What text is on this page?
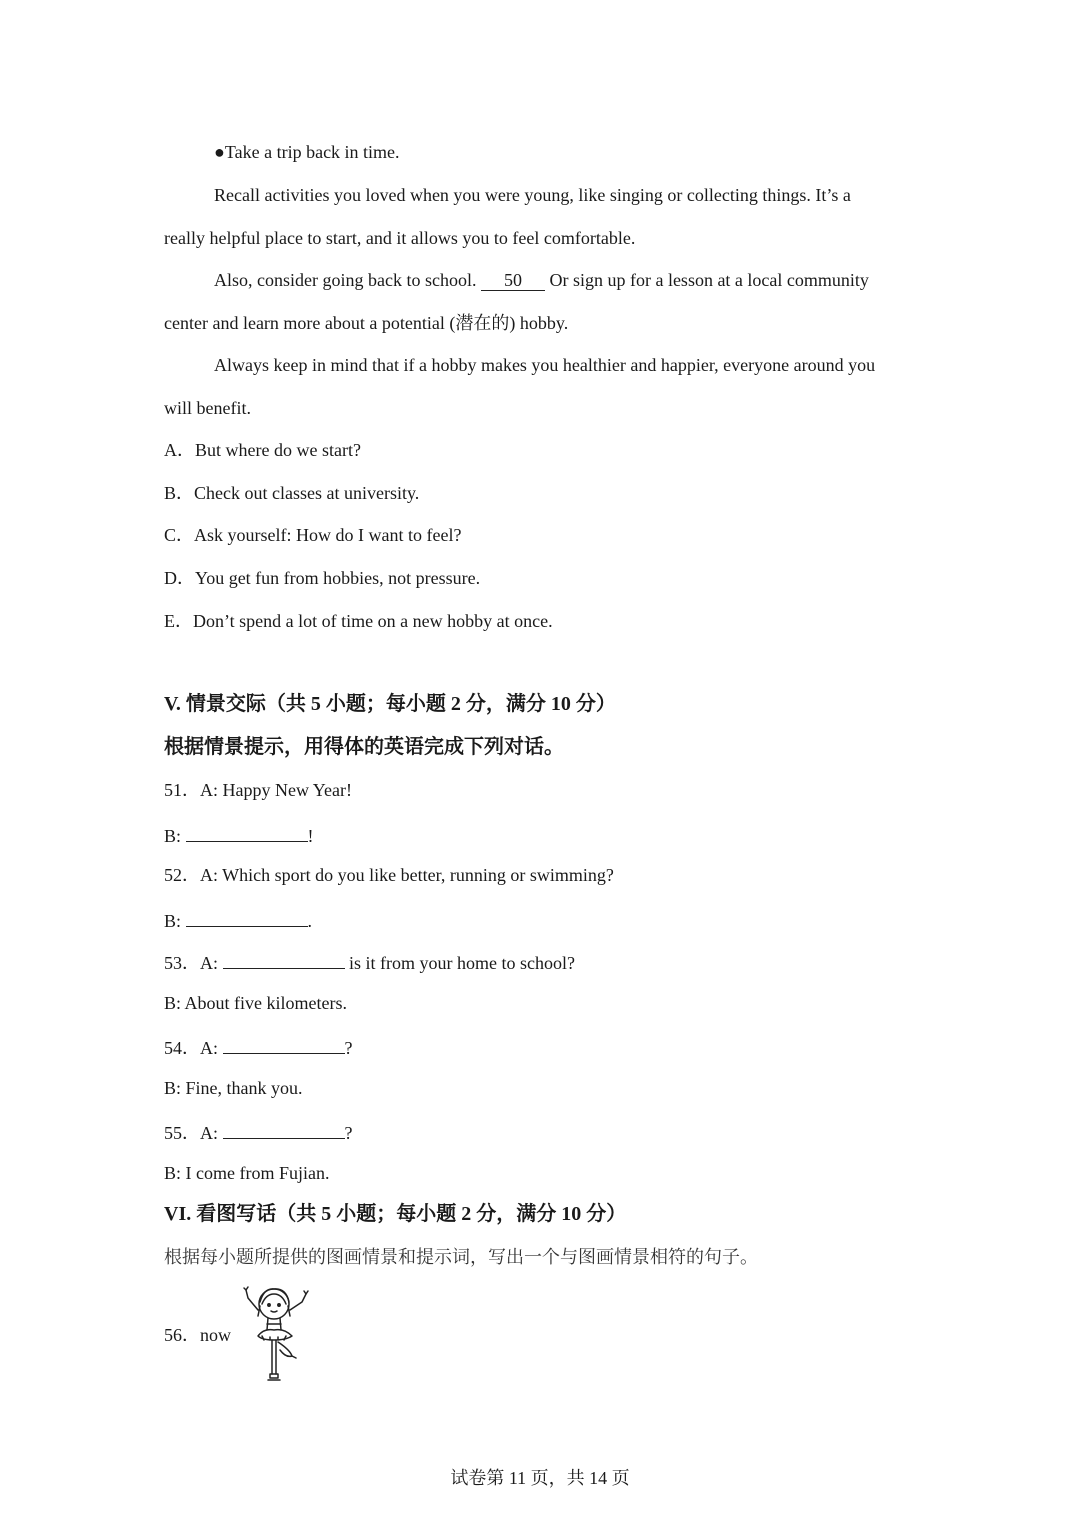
●Take a trip back in time.
Recall activities you loved when you were young, like singing or collecting things. It’s a
really helpful place to start, and it allows you to feel comfortable.
Also, consider going back to school. 50 Or sign up for a lesson at a local community
center and learn more about a potential (潜在的) hobby.
Always keep in mind that if a hobby makes you healthier and happier, everyone around you
will benefit.
A．But where do we start?
B．Check out classes at university.
C．Ask yourself: How do I want to feel?
D．You get fun from hobbies, not pressure.
E．Don’t spend a lot of time on a new hobby at once.
V. 情景交际（共 5 小题；每小题 2 分，满分 10 分）
根据情景提示，用得体的英语完成下列对话。
51．A: Happy New Year!
B:	!
52．A: Which sport do you like better, running or swimming?
B:	.
53．A:	is it from your home to school?
B: About five kilometers.
54．A:	?
B: Fine, thank you.
55．A:	?
B: I come from Fujian.
VI. 看图写话（共 5 小题；每小题 2 分，满分 10 分）
根据每小题所提供的图画情景和提示词，写出一个与图画情景相符的句子。
56．now
试卷第 11 页，共 14 页
